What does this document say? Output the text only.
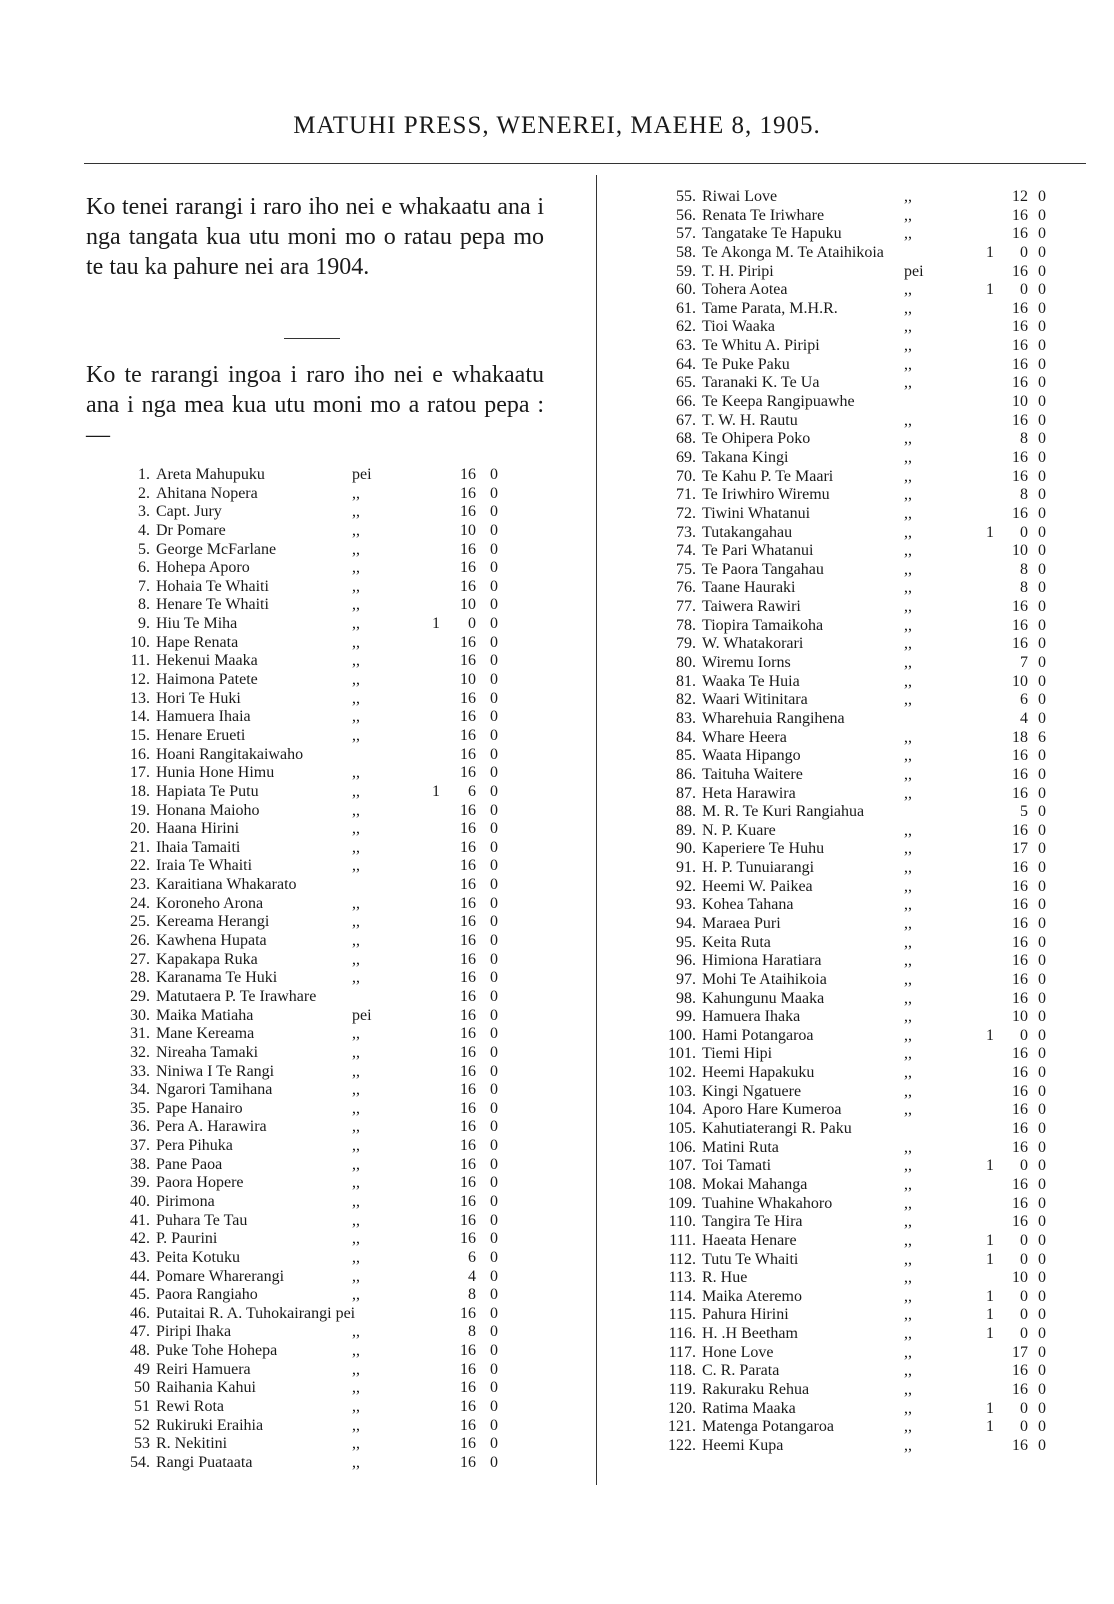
MATUHI PRESS, WENEREI, MAEHE 8, 1905.

Ko tenei rarangi i raro iho nei e whakaatu ana i nga tangata kua utu moni mo o ratau pepa mo te tau ka pahure nei ara 1904.

Ko te rarangi ingoa i raro iho nei e whakaatu ana i nga mea kua utu moni mo a ratou pepa :—

1. Areta Mahupuku	pei	16 0
2. Ahitana Nopera	,,	16 0
3. Capt. Jury	,,	16 0
4. Dr Pomare	,,	10 0
5. George McFarlane	,,	16 0
6. Hohepa Aporo	,,	16 0
7. Hohaia Te Whaiti	,,	16 0
8. Henare Te Whaiti	,,	10 0
9. Hiu Te Miha	,,	1	0 0
10. Hape Renata	,,	16 0
11. Hekenui Maaka	,,	16 0
12. Haimona Patete	,,	10 0
13. Hori Te Huki	,,	16 0
14. Hamuera Ihaia	,,	16 0
15. Henare Erueti	,,	16 0
16. Hoani Rangitakaiwaho	16 0
17. Hunia Hone Himu	,,	16 0
18. Hapiata Te Putu	,,	1	6 0
19. Honana Maioho	,,	16 0
20. Haana Hirini	,,	16 0
21. Ihaia Tamaiti	,,	16 0
22. Iraia Te Whaiti	,,	16 0
23. Karaitiana Whakarato	16 0
24. Koroneho Arona	,,	16 0
25. Kereama Herangi	,,	16 0
26. Kawhena Hupata	,,	16 0
27. Kapakapa Ruka	,,	16 0
28. Karanama Te Huki	,,	16 0
29. Matutaera P. Te Irawhare	16 0
30. Maika Matiaha	pei	16 0
31. Mane Kereama	,,	16 0
32. Nireaha Tamaki	,,	16 0
33. Niniwa I Te Rangi	,,	16 0
34. Ngarori Tamihana	,,	16 0
35. Pape Hanairo	,,	16 0
36. Pera A. Harawira	,,	16 0
37. Pera Pihuka	,,	16 0
38. Pane Paoa	,,	16 0
39. Paora Hopere	,,	16 0
40. Pirimona	,,	16 0
41. Puhara Te Tau	,,	16 0
42. P. Paurini	,,	16 0
43. Peita Kotuku	,,	6 0
44. Pomare Wharerangi	,,	4 0
45. Paora Rangiaho	,,	8 0
46. Putaitai R. A. Tuhokairangi pei	16 0
47. Piripi Ihaka	,,	8 0
48. Puke Tohe Hohepa	,,	16 0
49 Reiri Hamuera	,,	16 0
50 Raihania Kahui	,,	16 0
51 Rewi Rota	,,	16 0
52 Rukiruki Eraihia	,,	16 0
53 R. Nekitini	,,	16 0
54. Rangi Puataata	,,	16 0
55. Riwai Love	,,	12 0
56. Renata Te Iriwhare	,,	16 0
57. Tangatake Te Hapuku	,,	16 0
58. Te Akonga M. Te Ataihikoia	1	0 0
59. T. H. Piripi	pei	16 0
60. Tohera Aotea	,,	1	0 0
61. Tame Parata, M.H.R.	,,	16 0
62. Tioi Waaka	,,	16 0
63. Te Whitu A. Piripi	,,	16 0
64. Te Puke Paku	,,	16 0
65. Taranaki K. Te Ua	,,	16 0
66. Te Keepa Rangipuawhe	10 0
67. T. W. H. Rautu	,,	16 0
68. Te Ohipera Poko	,,	8 0
69. Takana Kingi	,,	16 0
70. Te Kahu P. Te Maari	,,	16 0
71. Te Iriwhiro Wiremu	,,	8 0
72. Tiwini Whatanui	,,	16 0
73. Tutakangahau	,,	1	0 0
74. Te Pari Whatanui	,,	10 0
75. Te Paora Tangahau	,,	8 0
76. Taane Hauraki	,,	8 0
77. Taiwera Rawiri	,,	16 0
78. Tiopira Tamaikoha	,,	16 0
79. W. Whatakorari	,,	16 0
80. Wiremu Iorns	,,	7 0
81. Waaka Te Huia	,,	10 0
82. Waari Witinitara	,,	6 0
83. Wharehuia Rangihena	4 0
84. Whare Heera	,,	18 6
85. Waata Hipango	,,	16 0
86. Taituha Waitere	,,	16 0
87. Heta Harawira	,,	16 0
88. M. R. Te Kuri Rangiahua	5 0
89. N. P. Kuare	,,	16 0
90. Kaperiere Te Huhu	,,	17 0
91. H. P. Tunuiarangi	,,	16 0
92. Heemi W. Paikea	,,	16 0
93. Kohea Tahana	,,	16 0
94. Maraea Puri	,,	16 0
95. Keita Ruta	,,	16 0
96. Himiona Haratiara	,,	16 0
97. Mohi Te Ataihikoia	,,	16 0
98. Kahungunu Maaka	,,	16 0
99. Hamuera Ihaka	,,	10 0
100. Hami Potangaroa	,,	1	0 0
101. Tiemi Hipi	,,	16 0
102. Heemi Hapakuku	,,	16 0
103. Kingi Ngatuere	,,	16 0
104. Aporo Hare Kumeroa	,,	16 0
105. Kahutiaterangi R. Paku	16 0
106. Matini Ruta	,,	16 0
107. Toi Tamati	,,	1	0 0
108. Mokai Mahanga	,,	16 0
109. Tuahine Whakahoro	,,	16 0
110. Tangira Te Hira	,,	16 0
111. Haeata Henare	,,	1	0 0
112. Tutu Te Whaiti	,,	1	0 0
113. R. Hue	,,	10 0
114. Maika Ateremo	,,	1	0 0
115. Pahura Hirini	,,	1	0 0
116. H. .H Beetham	,,	1	0 0
117. Hone Love	,,	17 0
118. C. R. Parata	,,	16 0
119. Rakuraku Rehua	,,	16 0
120. Ratima Maaka	,,	1	0 0
121. Matenga Potangaroa	,,	1	0 0
122. Heemi Kupa	,,	16 0
